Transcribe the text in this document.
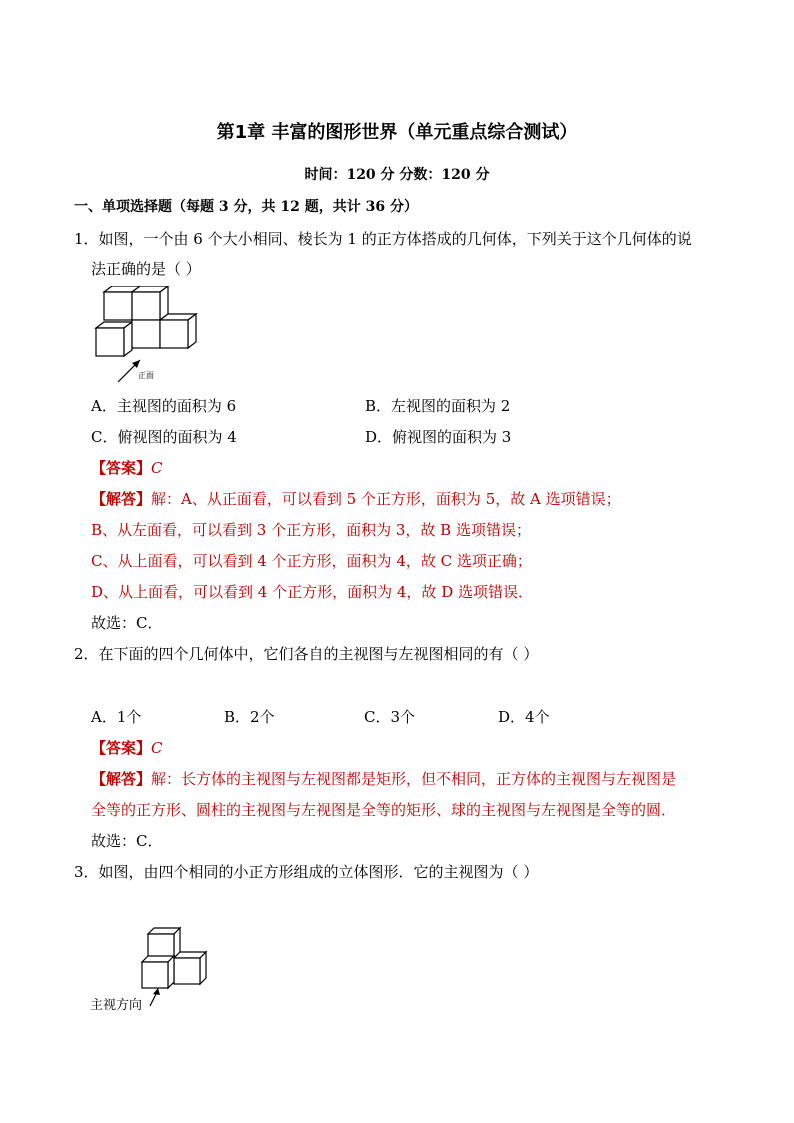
第1章 丰富的图形世界（单元重点综合测试）
时间：120 分 分数：120 分
一、单项选择题（每题 3 分，共 12 题，共计 36 分）
1．如图，一个由 6 个大小相同、棱长为 1 的正方体搭成的几何体，下列关于这个几何体的说
法正确的是（ ）
正面
A．主视图的面积为 6	B．左视图的面积为 2
C．俯视图的面积为 4	D．俯视图的面积为 3
【答案】C
【解答】解：A、从正面看，可以看到 5 个正方形，面积为 5，故 A 选项错误；
B、从左面看，可以看到 3 个正方形，面积为 3，故 B 选项错误；
C、从上面看，可以看到 4 个正方形，面积为 4，故 C 选项正确；
D、从上面看，可以看到 4 个正方形，面积为 4，故 D 选项错误．
故选：C．
2．在下面的四个几何体中，它们各自的主视图与左视图相同的有（ ）
A．1个	B．2个	C．3个	D．4个
【答案】C
【解答】解：长方体的主视图与左视图都是矩形，但不相同，正方体的主视图与左视图是
全等的正方形、圆柱的主视图与左视图是全等的矩形、球的主视图与左视图是全等的圆．
故选：C．
3．如图，由四个相同的小正方形组成的立体图形．它的主视图为（ ）
主视方向
